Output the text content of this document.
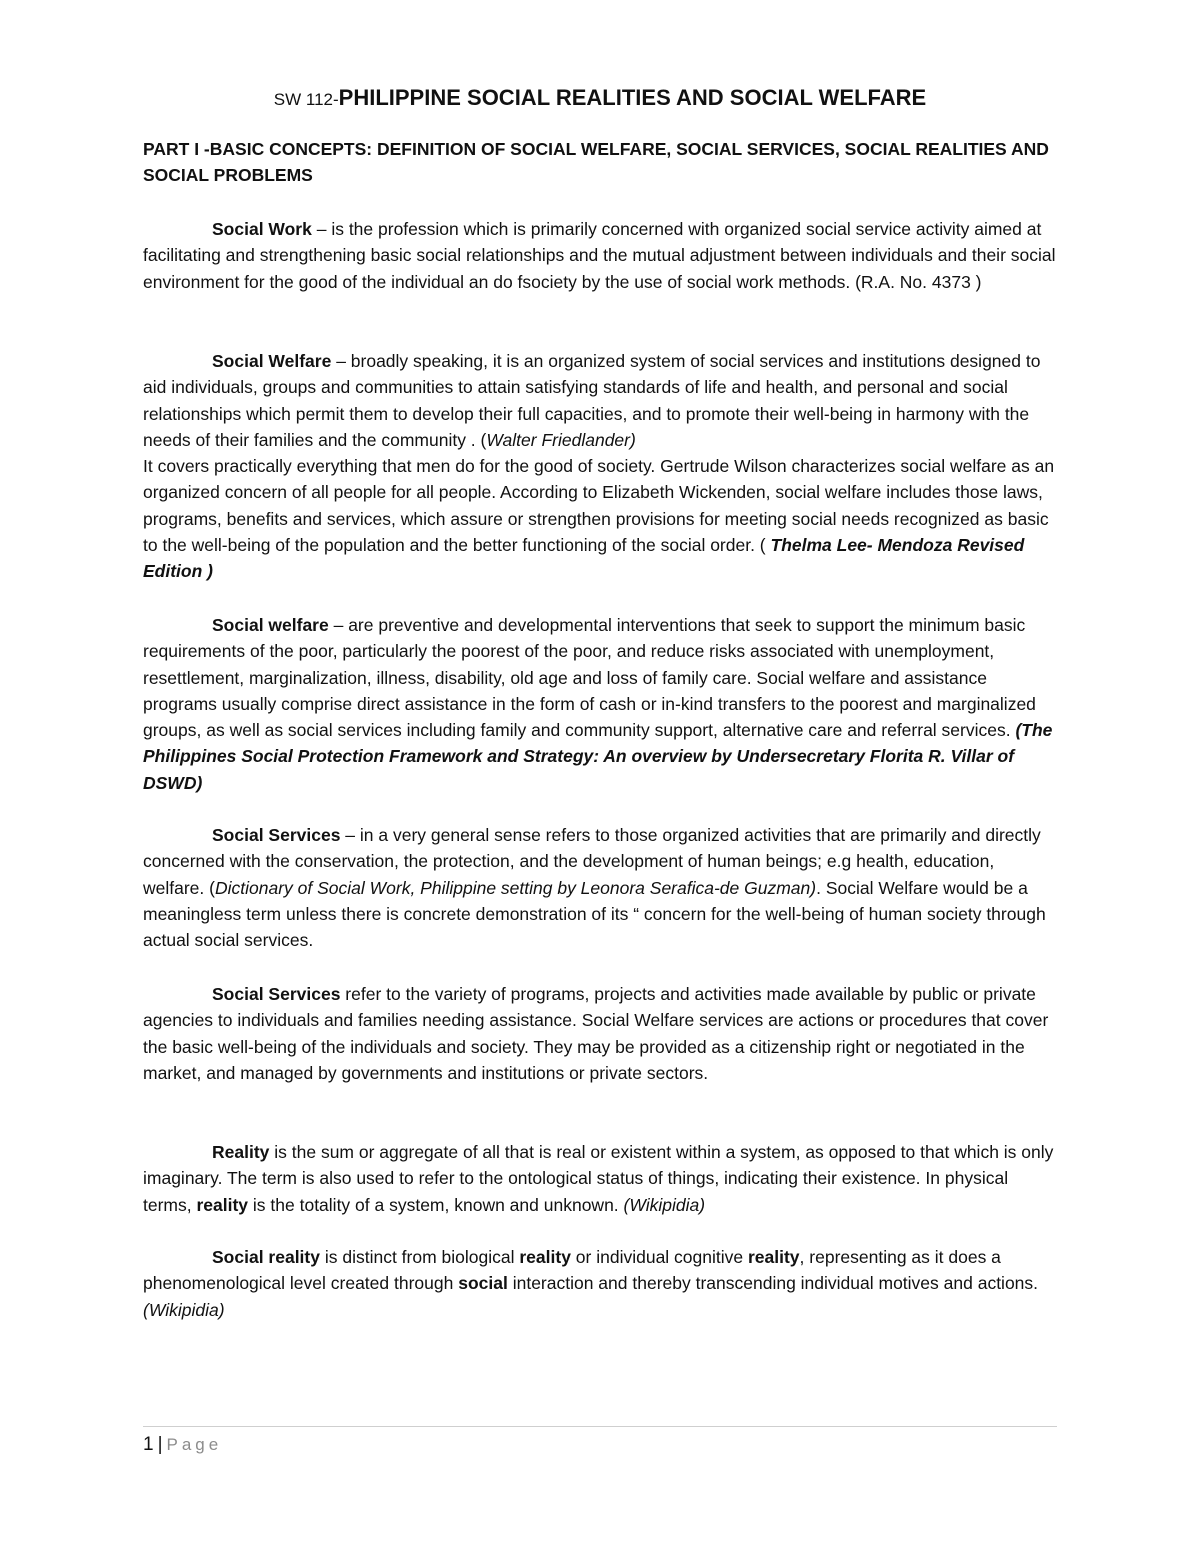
SW 112-PHILIPPINE SOCIAL REALITIES AND SOCIAL WELFARE
PART I -BASIC CONCEPTS: DEFINITION OF SOCIAL WELFARE, SOCIAL SERVICES, SOCIAL REALITIES AND SOCIAL PROBLEMS
Social Work – is the profession which is primarily concerned with organized social service activity aimed at facilitating and strengthening basic social relationships and the mutual adjustment between individuals and their social environment for the good of the individual an do fsociety by the use of social work methods. (R.A. No. 4373 )
Social Welfare – broadly speaking, it is an organized system of social services and institutions designed to aid individuals, groups and communities to attain satisfying standards of life and health, and personal and social relationships which permit them to develop their full capacities, and to promote their well-being in harmony with the needs of their families and the community . (Walter Friedlander)
It covers practically everything that men do for the good of society. Gertrude Wilson characterizes social welfare as an organized concern of all people for all people. According to Elizabeth Wickenden, social welfare includes those laws, programs, benefits and services, which assure or strengthen provisions for meeting social needs recognized as basic to the well-being of the population and the better functioning of the social order. ( Thelma Lee- Mendoza Revised Edition )
Social welfare – are preventive and developmental interventions that seek to support the minimum basic requirements of the poor, particularly the poorest of the poor, and reduce risks associated with unemployment, resettlement, marginalization, illness, disability, old age and loss of family care. Social welfare and assistance programs usually comprise direct assistance in the form of cash or in-kind transfers to the poorest and marginalized groups, as well as social services including family and community support, alternative care and referral services. (The Philippines Social Protection Framework and Strategy: An overview by Undersecretary Florita R. Villar of DSWD)
Social Services – in a very general sense refers to those organized activities that are primarily and directly concerned with the conservation, the protection, and the development of human beings; e.g health, education, welfare. (Dictionary of Social Work, Philippine setting by Leonora Serafica-de Guzman). Social Welfare would be a meaningless term unless there is concrete demonstration of its “ concern for the well-being of human society through actual social services.
Social Services refer to the variety of programs, projects and activities made available by public or private agencies to individuals and families needing assistance. Social Welfare services are actions or procedures that cover the basic well-being of the individuals and society. They may be provided as a citizenship right or negotiated in the market, and managed by governments and institutions or private sectors.
Reality is the sum or aggregate of all that is real or existent within a system, as opposed to that which is only imaginary. The term is also used to refer to the ontological status of things, indicating their existence. In physical terms, reality is the totality of a system, known and unknown. (Wikipidia)
Social reality is distinct from biological reality or individual cognitive reality, representing as it does a phenomenological level created through social interaction and thereby transcending individual motives and actions. (Wikipidia)
1 | Page
